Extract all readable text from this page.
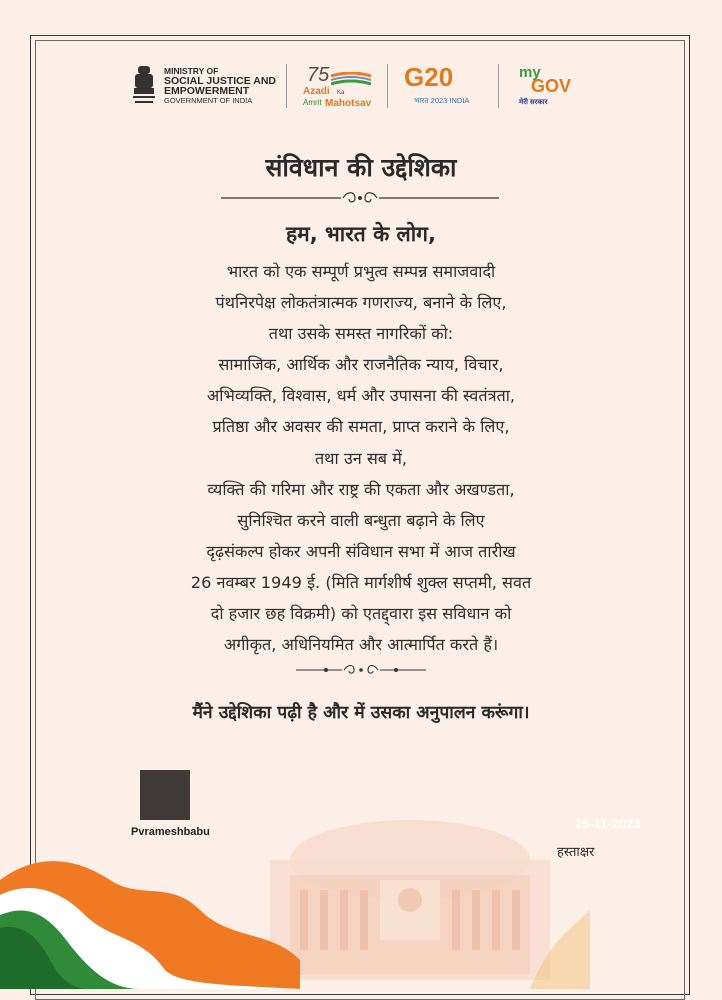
MINISTRY OF
SOCIAL JUSTICE AND
EMPOWERMENT
GOVERNMENT OF INDIA
75
Azadi Ka
Amrit Mahotsav
G20
भारत 2023 INDIA
my
GOV
मेरी सरकार
संविधान की उद्देशिका
हम, भारत के लोग,
भारत को एक सम्पूर्ण प्रभुत्व सम्पन्न समाजवादी
पंथनिरपेक्ष लोकतंत्रात्मक गणराज्य, बनाने के लिए,
तथा उसके समस्त नागरिकों को:
सामाजिक, आर्थिक और राजनैतिक न्याय, विचार,
अभिव्यक्ति, विश्वास, धर्म और उपासना की स्वतंत्रता,
प्रतिष्ठा और अवसर की समता, प्राप्त कराने के लिए,
तथा उन सब में,
व्यक्ति की गरिमा और राष्ट्र की एकता और अखण्डता,
सुनिश्चित करने वाली बन्धुता बढ़ाने के लिए
दृढ़संकल्प होकर अपनी संविधान सभा में आज तारीख
26 नवम्बर 1949 ई. (मिति मार्गशीर्ष शुक्ल सप्तमी, सवत
दो हजार छह विक्रमी) को एतद्द्वारा इस सविधान को
अगीकृत, अधिनियमित और आत्मार्पित करते हैं।
मैंने उद्देशिका पढ़ी है और में उसका अनुपालन करूंगा।
Pvrameshbabu
25-11-2023
हस्ताक्षर
